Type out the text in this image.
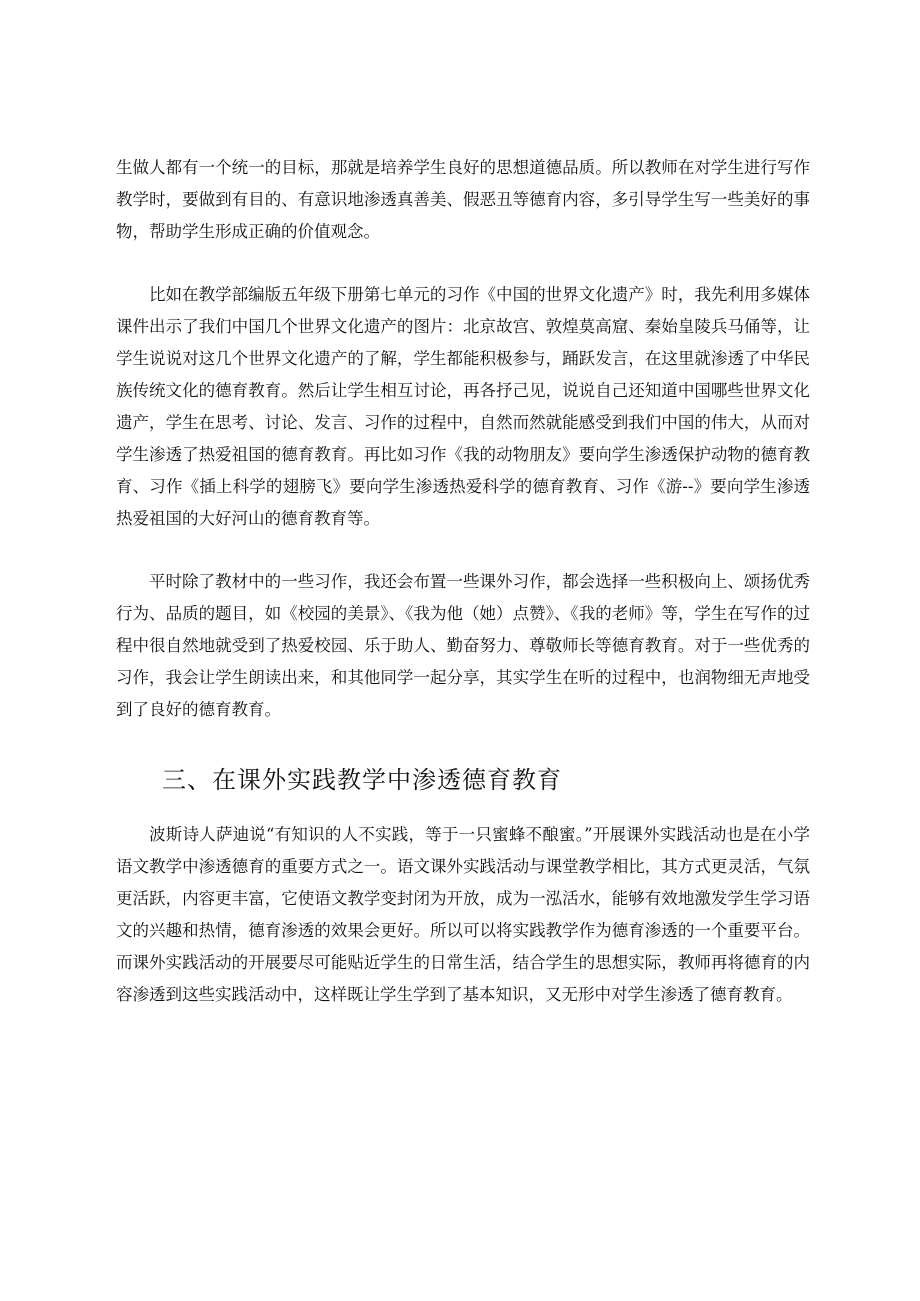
生做人都有一个统一的目标，那就是培养学生良好的思想道德品质。所以教师在对学生进行写作教学时，要做到有目的、有意识地渗透真善美、假恶丑等德育内容，多引导学生写一些美好的事物，帮助学生形成正确的价值观念。

比如在教学部编版五年级下册第七单元的习作《中国的世界文化遗产》时，我先利用多媒体课件出示了我们中国几个世界文化遗产的图片：北京故宫、敦煌莫高窟、秦始皇陵兵马俑等，让学生说说对这几个世界文化遗产的了解，学生都能积极参与，踊跃发言，在这里就渗透了中华民族传统文化的德育教育。然后让学生相互讨论，再各抒己见，说说自己还知道中国哪些世界文化遗产，学生在思考、讨论、发言、习作的过程中，自然而然就能感受到我们中国的伟大，从而对学生渗透了热爱祖国的德育教育。再比如习作《我的动物朋友》要向学生渗透保护动物的德育教育、习作《插上科学的翅膀飞》要向学生渗透热爱科学的德育教育、习作《游--》要向学生渗透热爱祖国的大好河山的德育教育等。

平时除了教材中的一些习作，我还会布置一些课外习作，都会选择一些积极向上、颂扬优秀行为、品质的题目，如《校园的美景》、《我为他（她）点赞》、《我的老师》等，学生在写作的过程中很自然地就受到了热爱校园、乐于助人、勤奋努力、尊敬师长等德育教育。对于一些优秀的习作，我会让学生朗读出来，和其他同学一起分享，其实学生在听的过程中，也润物细无声地受到了良好的德育教育。

三、在课外实践教学中渗透德育教育

波斯诗人萨迪说“有知识的人不实践，等于一只蜜蜂不酿蜜。”开展课外实践活动也是在小学语文教学中渗透德育的重要方式之一。语文课外实践活动与课堂教学相比，其方式更灵活，气氛更活跃，内容更丰富，它使语文教学变封闭为开放，成为一泓活水，能够有效地激发学生学习语文的兴趣和热情，德育渗透的效果会更好。所以可以将实践教学作为德育渗透的一个重要平台。而课外实践活动的开展要尽可能贴近学生的日常生活，结合学生的思想实际，教师再将德育的内容渗透到这些实践活动中，这样既让学生学到了基本知识，又无形中对学生渗透了德育教育。
